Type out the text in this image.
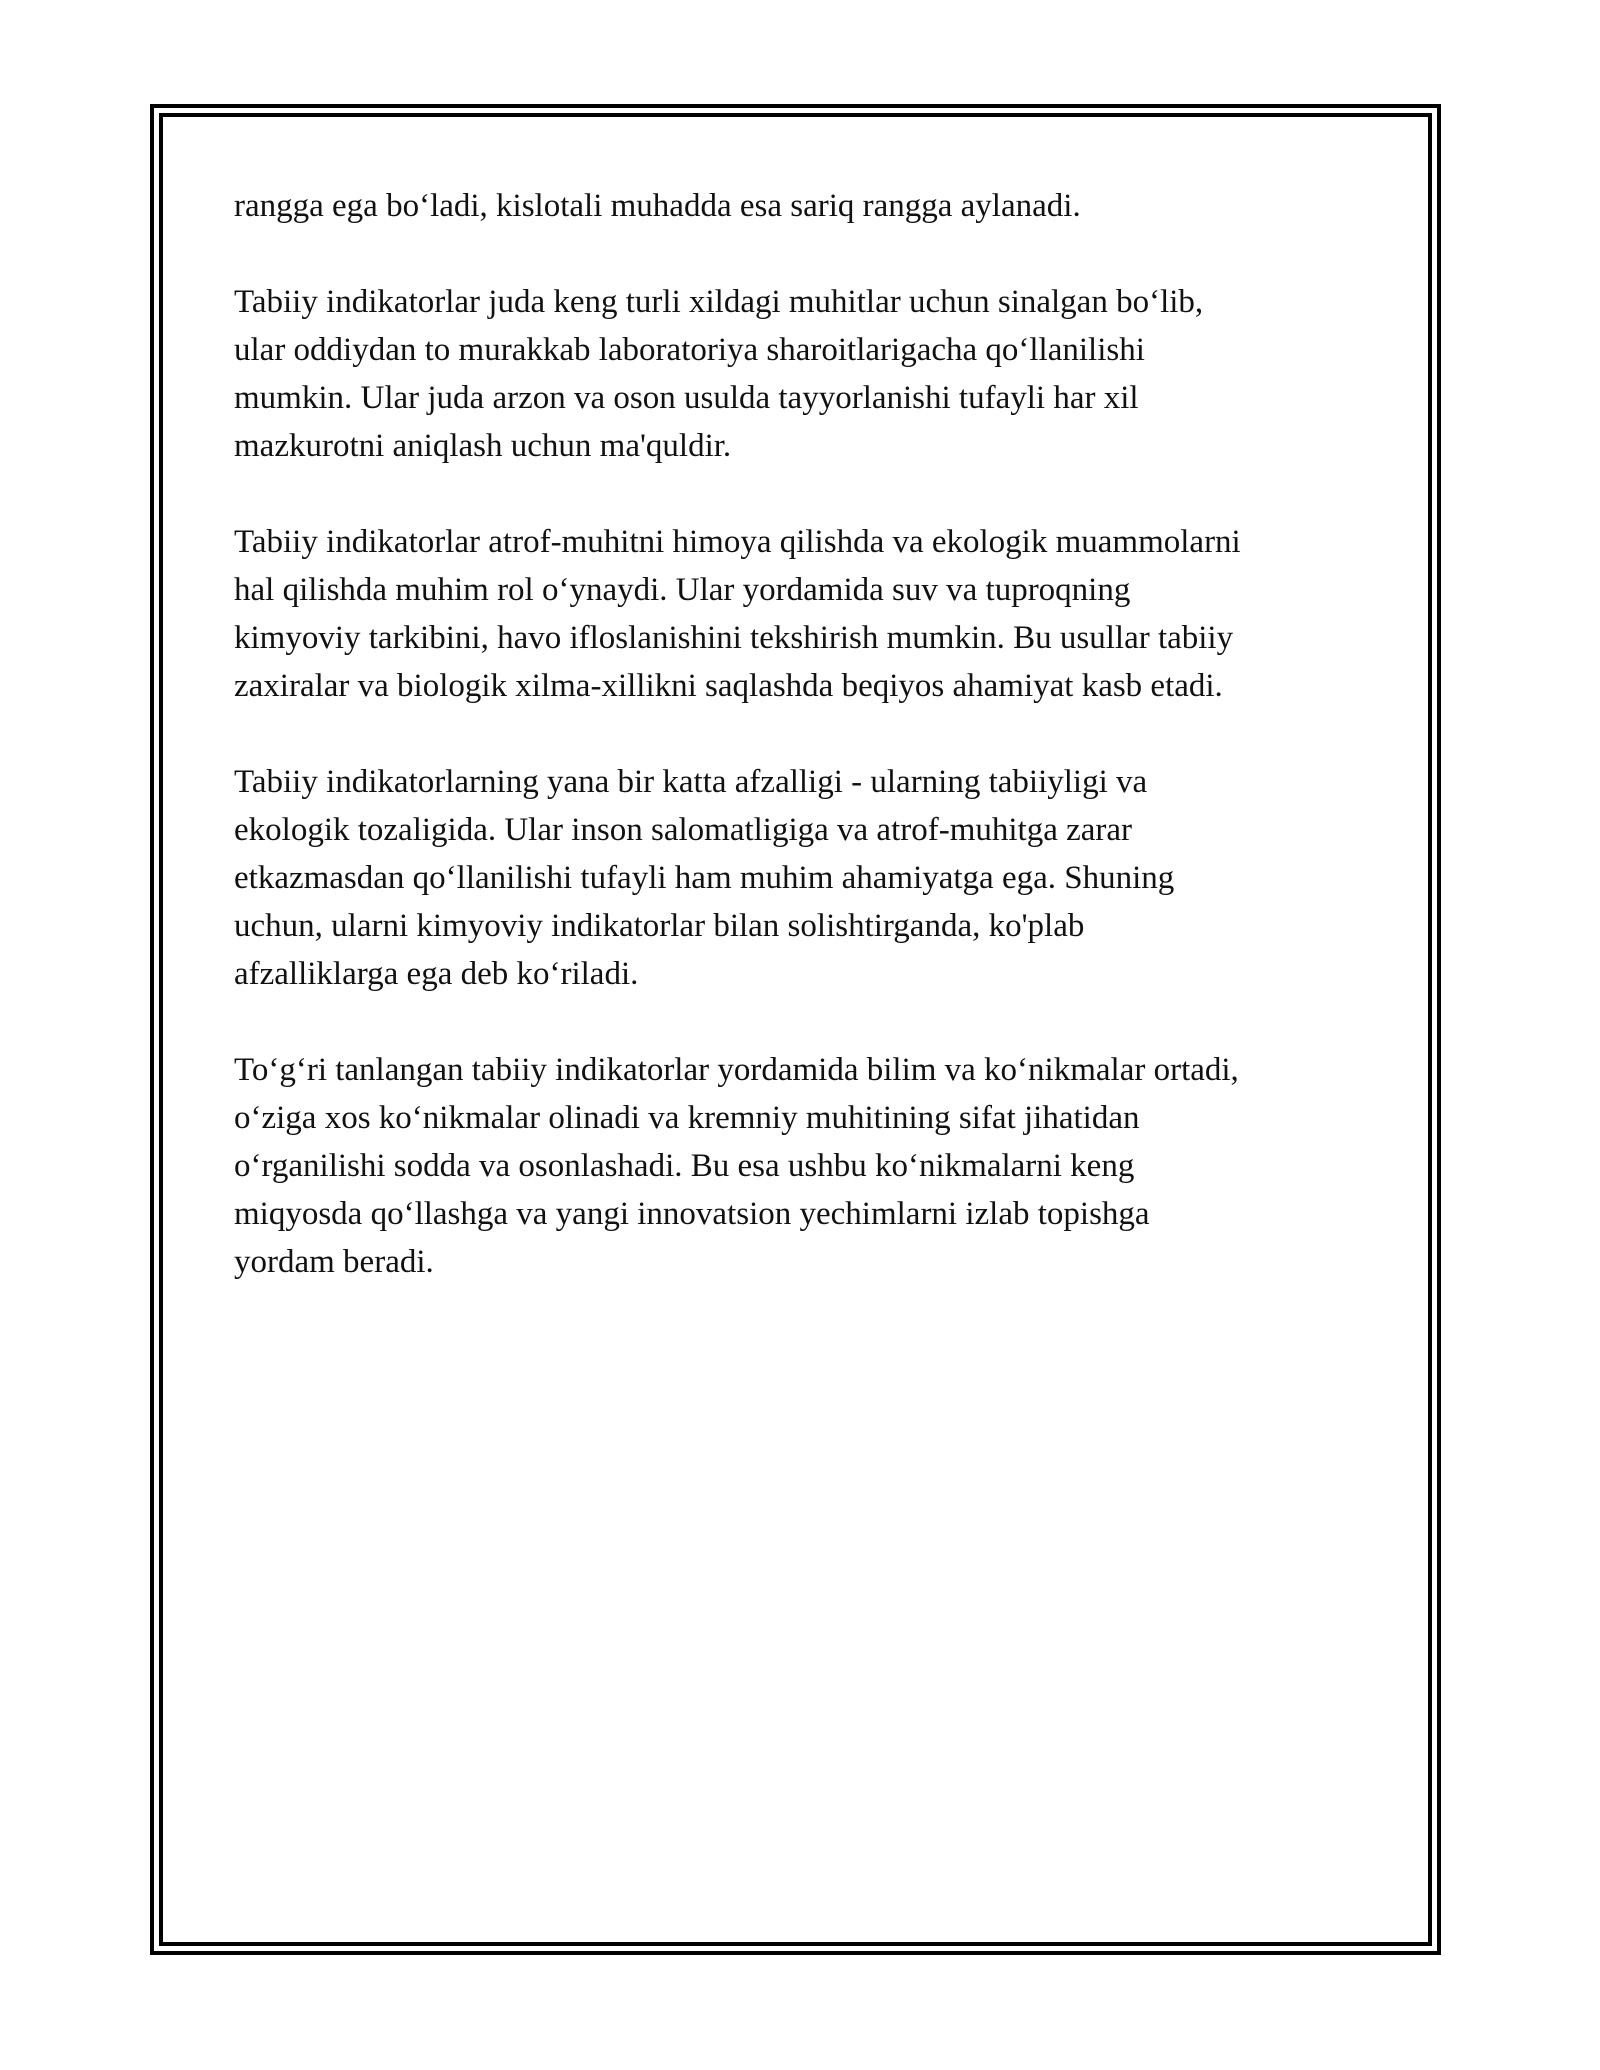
rangga ega bo‘ladi, kislotali muhadda esa sariq rangga aylanadi.

Tabiiy indikatorlar juda keng turli xildagi muhitlar uchun sinalgan bo‘lib,
ular oddiydan to murakkab laboratoriya sharoitlarigacha qo‘llanilishi
mumkin. Ular juda arzon va oson usulda tayyorlanishi tufayli har xil
mazkurotni aniqlash uchun ma'quldir.

Tabiiy indikatorlar atrof-muhitni himoya qilishda va ekologik muammolarni
hal qilishda muhim rol o‘ynaydi. Ular yordamida suv va tuproqning
kimyoviy tarkibini, havo ifloslanishini tekshirish mumkin. Bu usullar tabiiy
zaxiralar va biologik xilma-xillikni saqlashda beqiyos ahamiyat kasb etadi.

Tabiiy indikatorlarning yana bir katta afzalligi - ularning tabiiyligi va
ekologik tozaligida. Ular inson salomatligiga va atrof-muhitga zarar
etkazmasdan qo‘llanilishi tufayli ham muhim ahamiyatga ega. Shuning
uchun, ularni kimyoviy indikatorlar bilan solishtirganda, ko'plab
afzalliklarga ega deb ko‘riladi.

To‘g‘ri tanlangan tabiiy indikatorlar yordamida bilim va ko‘nikmalar ortadi,
o‘ziga xos ko‘nikmalar olinadi va kremniy muhitining sifat jihatidan
o‘rganilishi sodda va osonlashadi. Bu esa ushbu ko‘nikmalarni keng
miqyosda qo‘llashga va yangi innovatsion yechimlarni izlab topishga
yordam beradi.
